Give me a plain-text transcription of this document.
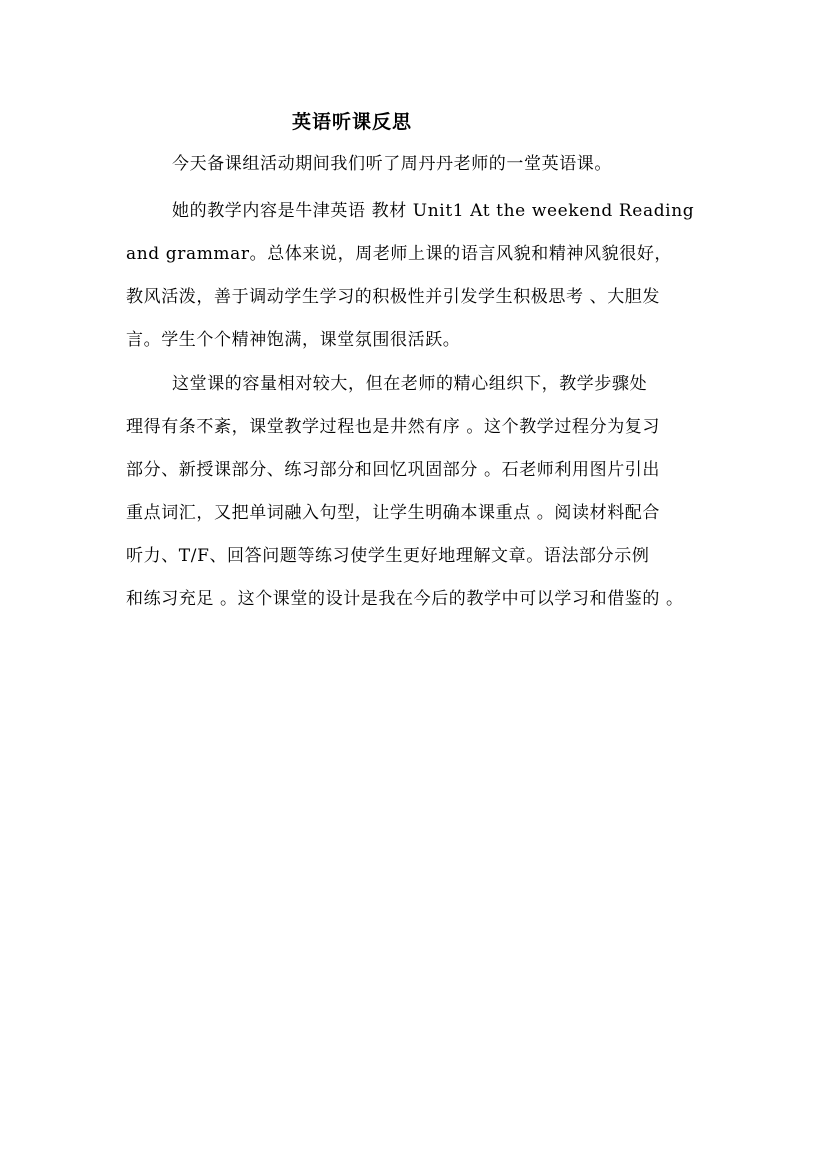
英语听课反思
今天备课组活动期间我们听了周丹丹老师的一堂英语课。
她的教学内容是牛津英语 教材 Unit1 At the weekend Reading
and grammar。总体来说，周老师上课的语言风貌和精神风貌很好，
教风活泼，善于调动学生学习的积极性并引发学生积极思考 、大胆发
言。学生个个精神饱满，课堂氛围很活跃。
这堂课的容量相对较大，但在老师的精心组织下，教学步骤处
理得有条不紊，课堂教学过程也是井然有序 。这个教学过程分为复习
部分、新授课部分、练习部分和回忆巩固部分 。石老师利用图片引出
重点词汇，又把单词融入句型，让学生明确本课重点 。阅读材料配合
听力、T/F、回答问题等练习使学生更好地理解文章。语法部分示例
和练习充足 。这个课堂的设计是我在今后的教学中可以学习和借鉴的 。
